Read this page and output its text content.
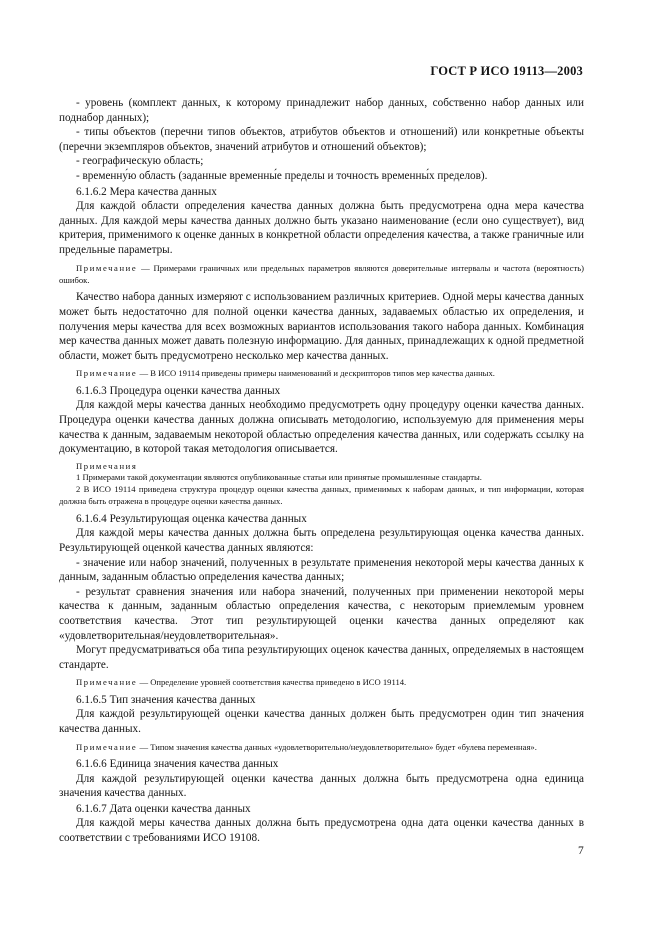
ГОСТ Р ИСО 19113—2003

- уровень (комплект данных, к которому принадлежит набор данных, собственно набор данных или поднабор данных);

- типы объектов (перечни типов объектов, атрибутов объектов и отношений) или конкретные объекты (перечни экземпляров объектов, значений атрибутов и отношений объектов);

- географическую область;

- временну́ю область (заданные временны́е пределы и точность временны́х пределов).

6.1.6.2 Мера качества данных

Для каждой области определения качества данных должна быть предусмотрена одна мера качества данных. Для каждой меры качества данных должно быть указано наименование (если оно существует), вид критерия, применимого к оценке данных в конкретной области определения качества, а также граничные или предельные параметры.

Примечание — Примерами граничных или предельных параметров являются доверительные интервалы и частота (вероятность) ошибок.

Качество набора данных измеряют с использованием различных критериев. Одной меры качества данных может быть недостаточно для полной оценки качества данных, задаваемых областью их определения, и получения меры качества для всех возможных вариантов использования такого набора данных. Комбинация мер качества данных может давать полезную информацию. Для данных, принадлежащих к одной предметной области, может быть предусмотрено несколько мер качества данных.

Примечание — В ИСО 19114 приведены примеры наименований и дескрипторов типов мер качества данных.

6.1.6.3 Процедура оценки качества данных

Для каждой меры качества данных необходимо предусмотреть одну процедуру оценки качества данных. Процедура оценки качества данных должна описывать методологию, используемую для применения меры качества к данным, задаваемым некоторой областью определения качества данных, или содержать ссылку на документацию, в которой такая методология описывается.

Примечания
1 Примерами такой документации являются опубликованные статьи или принятые промышленные стандарты.
2 В ИСО 19114 приведена структура процедур оценки качества данных, применимых к наборам данных, и тип информации, которая должна быть отражена в процедуре оценки качества данных.

6.1.6.4 Результирующая оценка качества данных

Для каждой меры качества данных должна быть определена результирующая оценка качества данных. Результирующей оценкой качества данных являются:

- значение или набор значений, полученных в результате применения некоторой меры качества данных к данным, заданным областью определения качества данных;

- результат сравнения значения или набора значений, полученных при применении некоторой меры качества к данным, заданным областью определения качества, с некоторым приемлемым уровнем соответствия качества. Этот тип результирующей оценки качества данных определяют как «удовлетворительная/неудовлетворительная».

Могут предусматриваться оба типа результирующих оценок качества данных, определяемых в настоящем стандарте.

Примечание — Определение уровней соответствия качества приведено в ИСО 19114.

6.1.6.5 Тип значения качества данных

Для каждой результирующей оценки качества данных должен быть предусмотрен один тип значения качества данных.

Примечание — Типом значения качества данных «удовлетворительно/неудовлетворительно» будет «булева переменная».

6.1.6.6 Единица значения качества данных

Для каждой результирующей оценки качества данных должна быть предусмотрена одна единица значения качества данных.

6.1.6.7 Дата оценки качества данных

Для каждой меры качества данных должна быть предусмотрена одна дата оценки качества данных в соответствии с требованиями ИСО 19108.

7
